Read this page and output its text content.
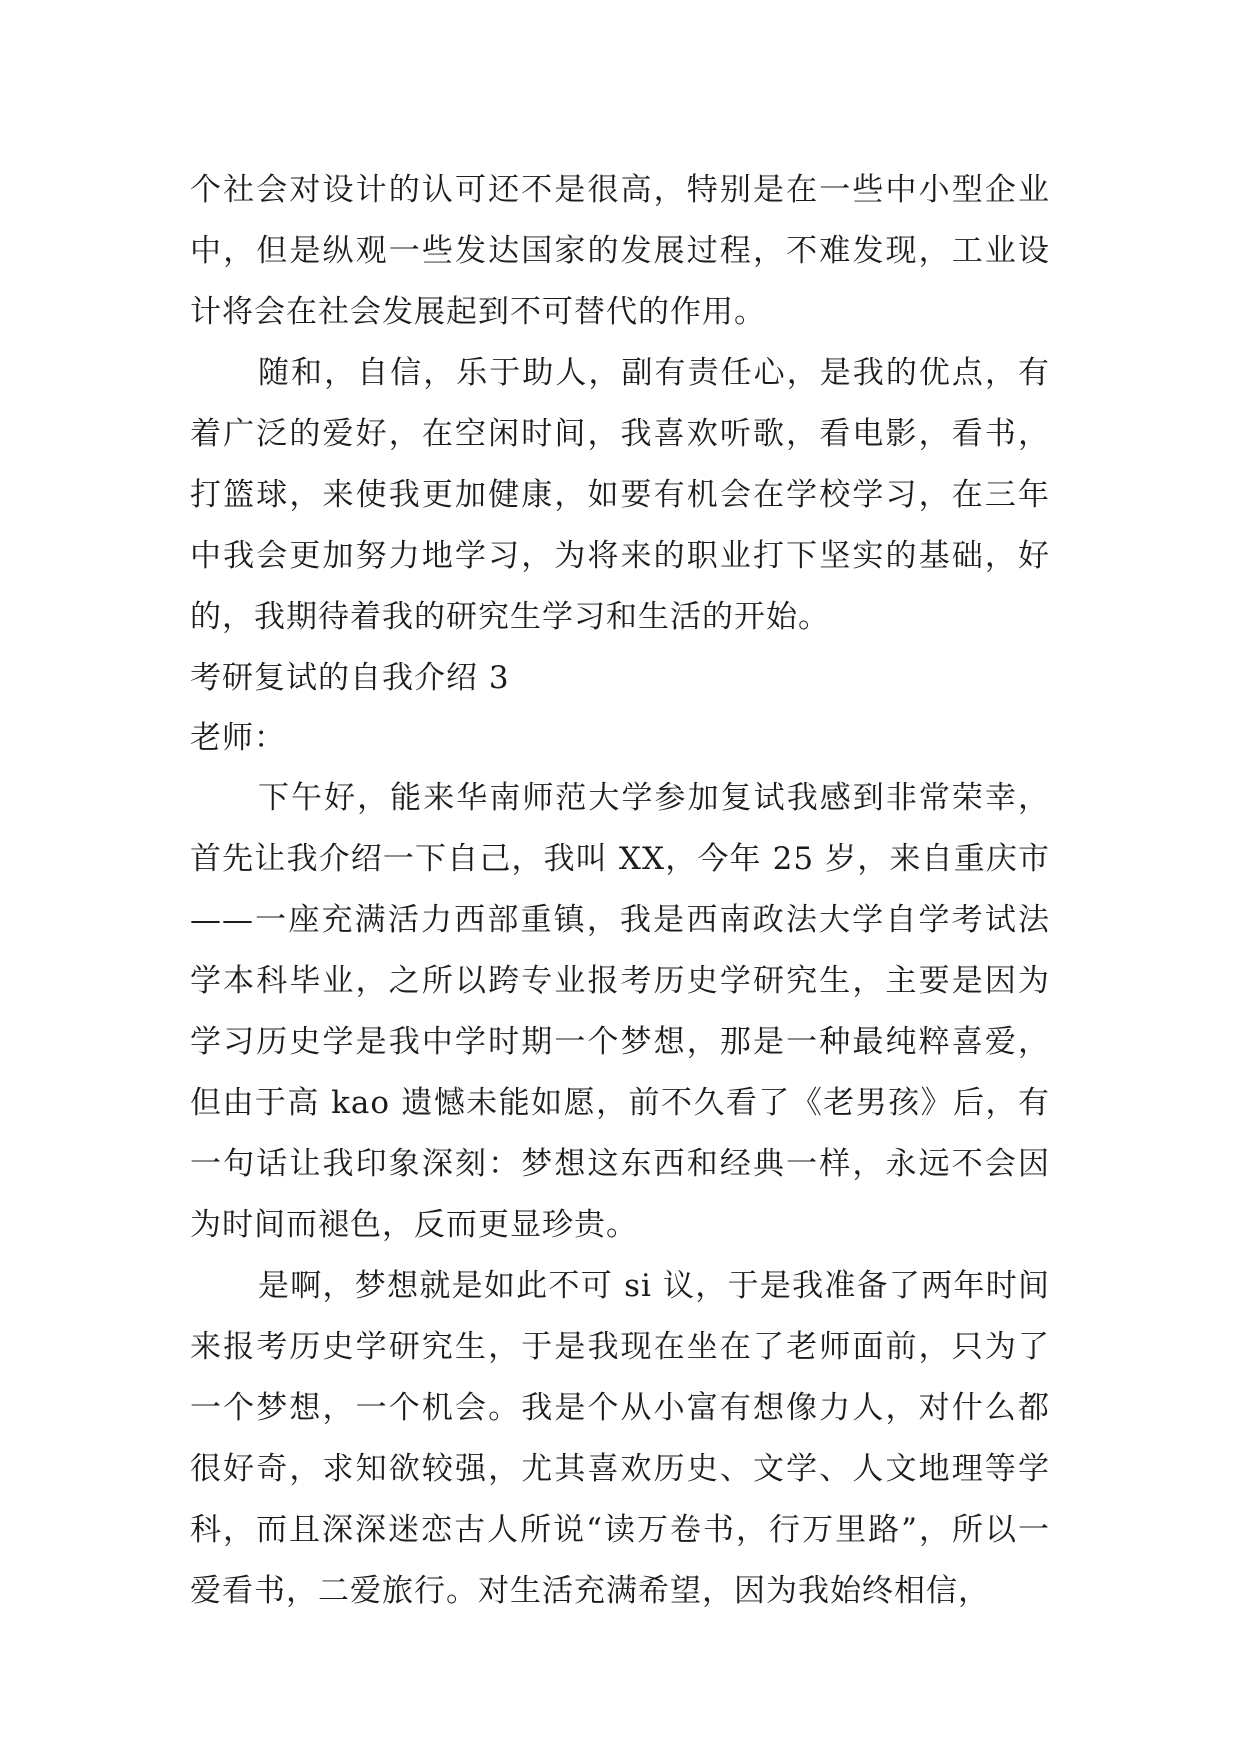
个社会对设计的认可还不是很高，特别是在一些中小型企业中，但是纵观一些发达国家的发展过程，不难发现，工业设计将会在社会发展起到不可替代的作用。

随和，自信，乐于助人，副有责任心，是我的优点，有着广泛的爱好，在空闲时间，我喜欢听歌，看电影，看书，打篮球，来使我更加健康，如要有机会在学校学习，在三年中我会更加努力地学习，为将来的职业打下坚实的基础，好的，我期待着我的研究生学习和生活的开始。

考研复试的自我介绍 3

老师：

下午好，能来华南师范大学参加复试我感到非常荣幸，首先让我介绍一下自己，我叫 XX，今年 25 岁，来自重庆市——一座充满活力西部重镇，我是西南政法大学自学考试法学本科毕业，之所以跨专业报考历史学研究生，主要是因为学习历史学是我中学时期一个梦想，那是一种最纯粹喜爱，但由于高 kao 遗憾未能如愿，前不久看了《老男孩》后，有一句话让我印象深刻：梦想这东西和经典一样，永远不会因为时间而褪色，反而更显珍贵。

是啊，梦想就是如此不可 si 议，于是我准备了两年时间来报考历史学研究生，于是我现在坐在了老师面前，只为了一个梦想，一个机会。我是个从小富有想像力人，对什么都很好奇，求知欲较强，尤其喜欢历史、文学、人文地理等学科，而且深深迷恋古人所说“读万卷书，行万里路”，所以一爱看书，二爱旅行。对生活充满希望，因为我始终相信，
